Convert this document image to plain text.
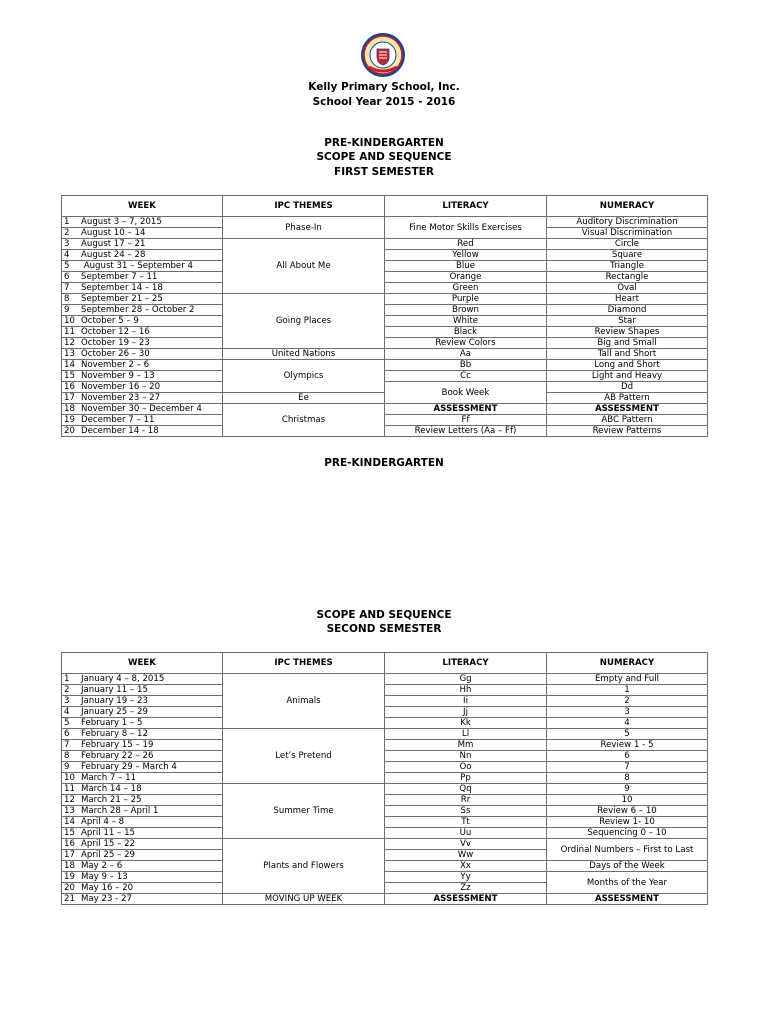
Kelly Primary School, Inc.
School Year 2015 - 2016
PRE-KINDERGARTEN
SCOPE AND SEQUENCE
FIRST SEMESTER
WEEK	IPC THEMES	LITERACY	NUMERACY	
1 August 3 – 7, 2015	Phase-In	Fine Motor Skills Exercises	Auditory Discrimination	
2 August 10 – 14			Visual Discrimination	
3 August 17 – 21	All About Me	Red	Circle	
4 August 24 – 28		Yellow	Square	
5 August 31 – September 4		Blue	Triangle	
6 September 7 – 11		Orange	Rectangle	
7 September 14 – 18		Green	Oval	
8 September 21 – 25	Going Places	Purple	Heart	
9 September 28 – October 2		Brown	Diamond	
10 October 5 – 9		White	Star	
11 October 12 – 16		Black	Review Shapes	
12 October 19 – 23		Review Colors	Big and Small	
13 October 26 – 30	United Nations	Aa	Tall and Short	
14 November 2 – 6	Olympics	Bb	Long and Short	
15 November 9 – 13		Cc	Light and Heavy	
16 November 16 – 20		Book Week	Dd	
17 November 23 – 27	Ee		AB Pattern	
18 November 30 – December 4	Christmas	ASSESSMENT	ASSESSMENT	
19 December 7 – 11		Ff	ABC Pattern	
20 December 14 - 18		Review Letters (Aa – Ff)	Review Patterns	
PRE-KINDERGARTEN
SCOPE AND SEQUENCE
SECOND SEMESTER
WEEK	IPC THEMES	LITERACY	NUMERACY
1 January 4 – 8, 2015	Animals	Gg	Empty and Full
2 January 11 – 15		Hh	1
3 January 19 – 23		Ii	2
4 January 25 – 29		Jj	3
5 February 1 – 5		Kk	4
6 February 8 – 12	Let’s Pretend	Ll	5
7 February 15 – 19		Mm	Review 1 - 5
8 February 22 – 26		Nn	6
9 February 29 – March 4		Oo	7
10 March 7 – 11		Pp	8
11 March 14 – 18	Summer Time	Qq	9
12 March 21 – 25		Rr	10
13 March 28 – April 1		Ss	Review 6 – 10
14 April 4 – 8		Tt	Review 1- 10
15 April 11 – 15		Uu	Sequencing 0 – 10
16 April 15 – 22	Plants and Flowers	Vv	Ordinal Numbers – First to Last
17 April 25 – 29		Ww	
18 May 2 – 6		Xx	Days of the Week
19 May 9 – 13		Yy	Months of the Year
20 May 16 – 20		Zz	
21 May 23 - 27	MOVING UP WEEK	ASSESSMENT	ASSESSMENT
